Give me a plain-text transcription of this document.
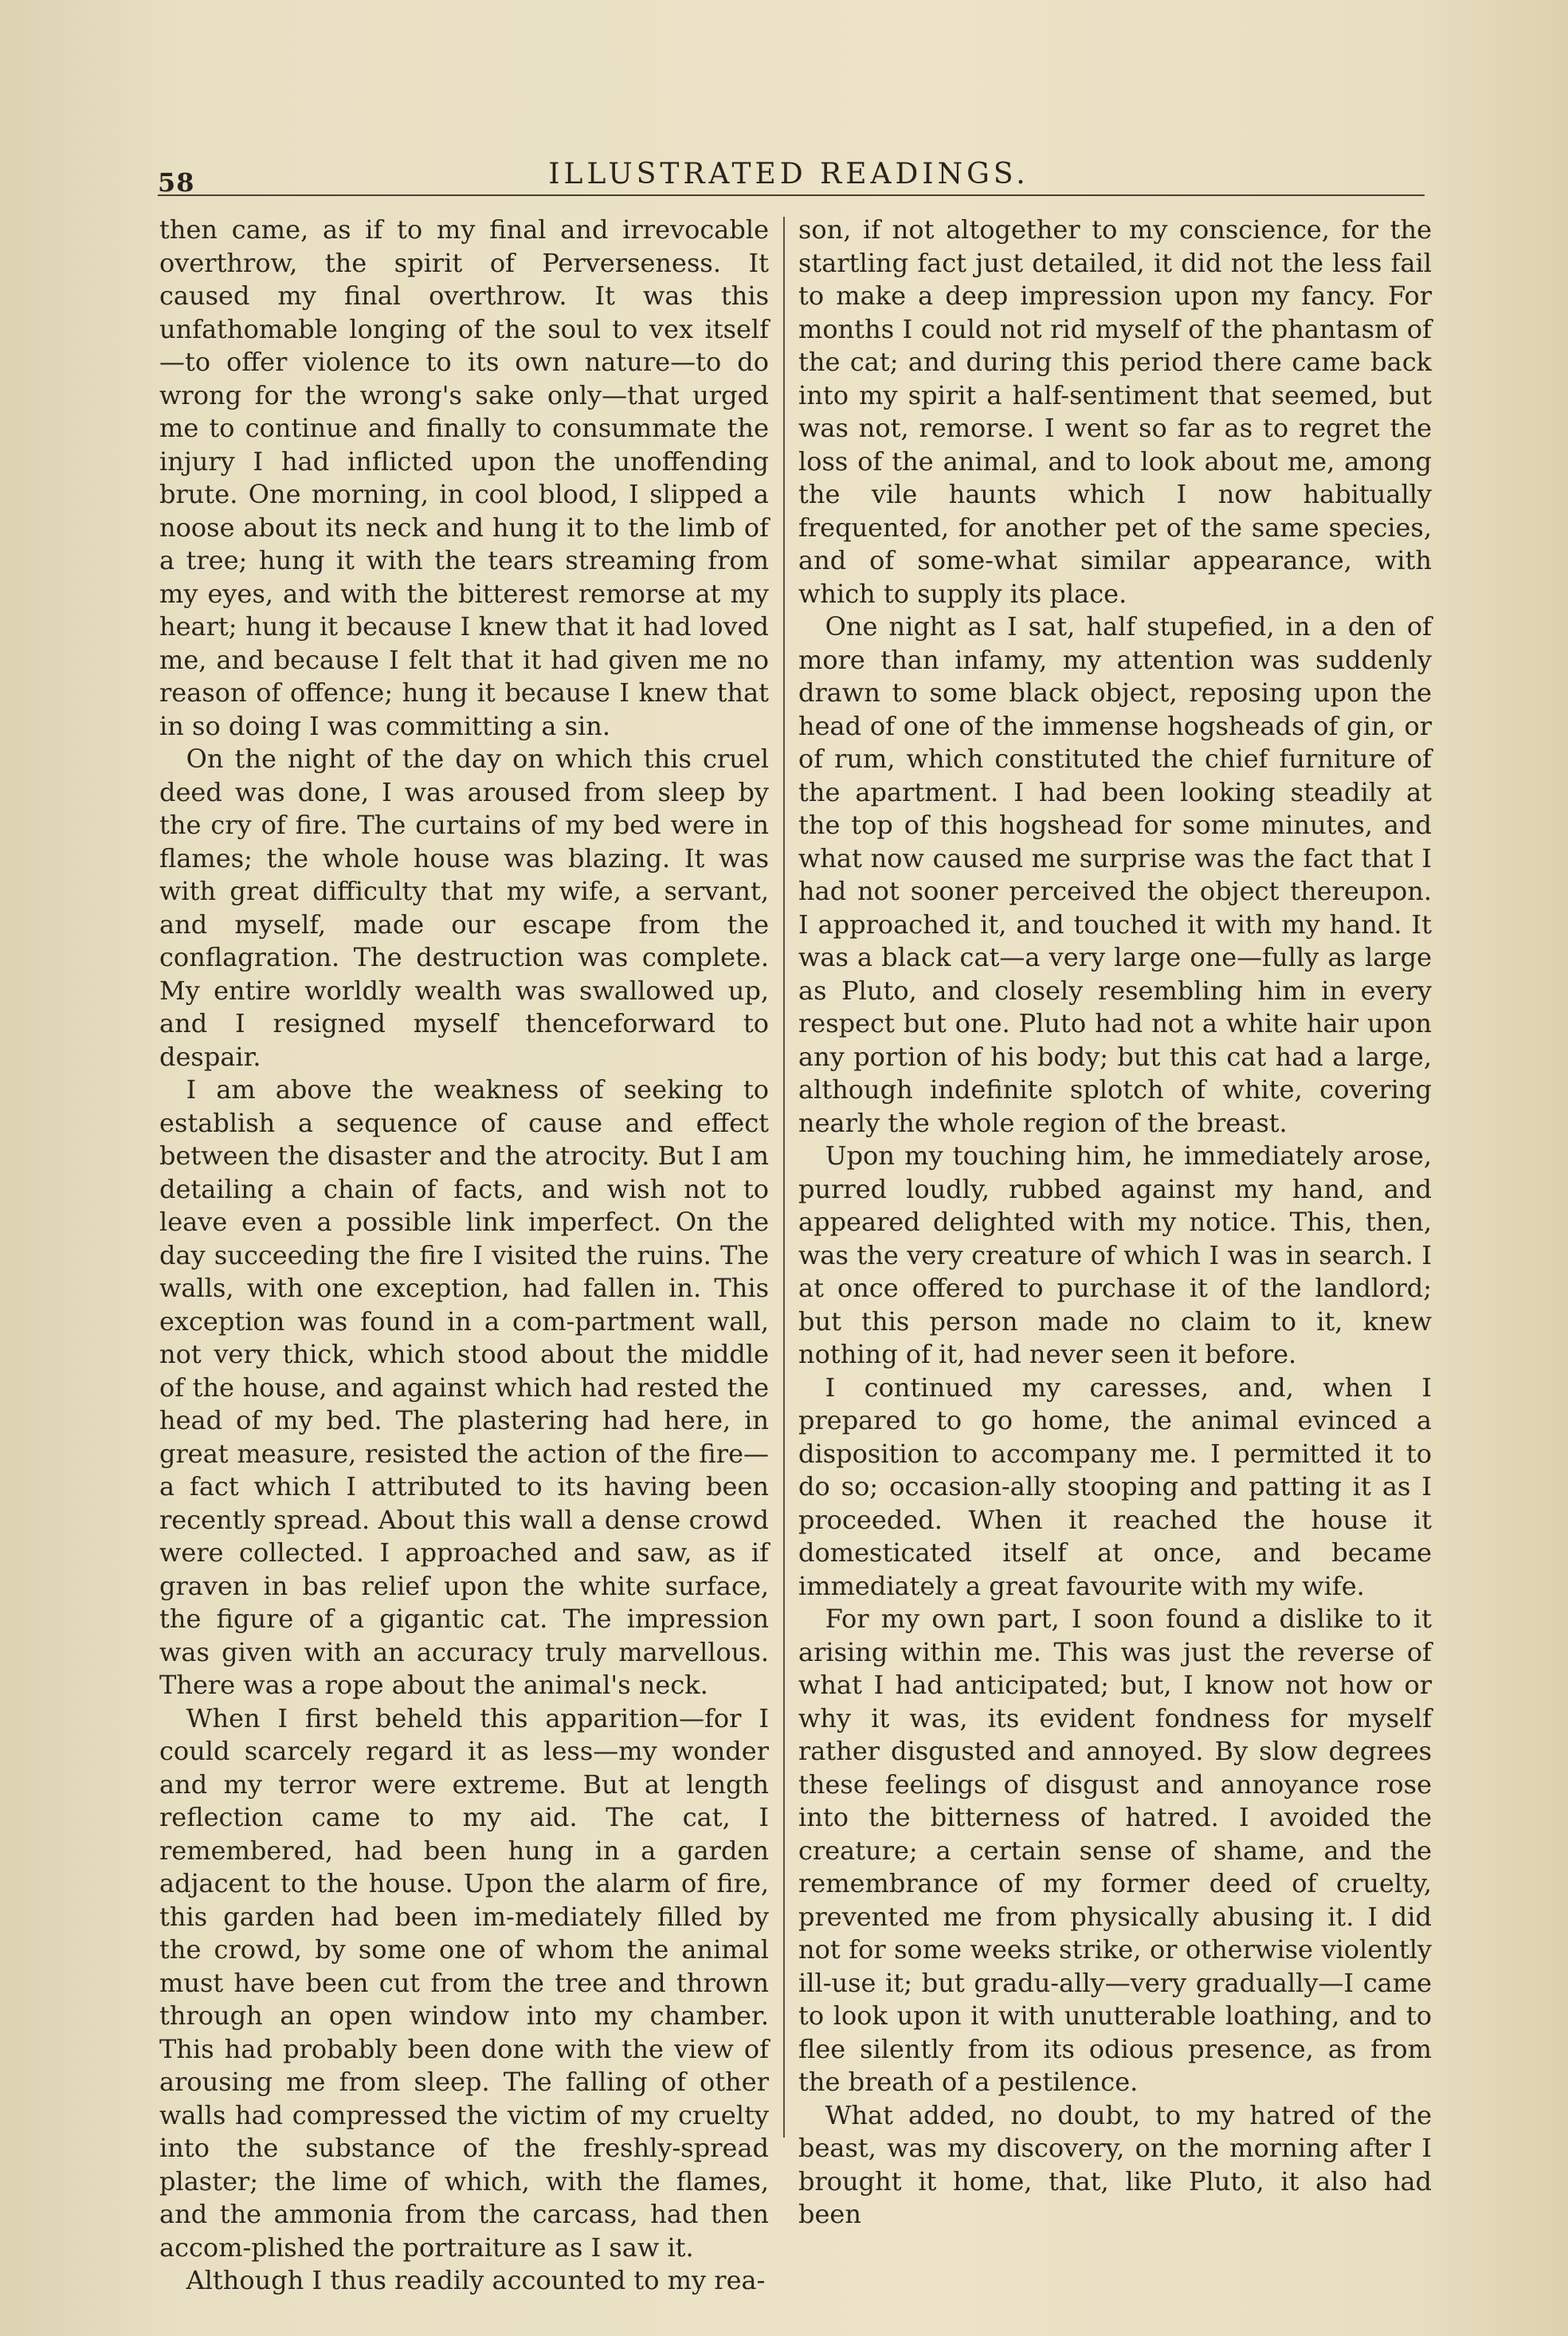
58	ILLUSTRATED READINGS.

then came, as if to my final and irrevocable overthrow, the spirit of Perverseness. It caused my final overthrow. It was this unfathomable longing of the soul to vex itself—to offer violence to its own nature—to do wrong for the wrong's sake only—that urged me to continue and finally to consummate the injury I had inflicted upon the unoffending brute. One morning, in cool blood, I slipped a noose about its neck and hung it to the limb of a tree; hung it with the tears streaming from my eyes, and with the bitterest remorse at my heart; hung it because I knew that it had loved me, and because I felt that it had given me no reason of offence; hung it because I knew that in so doing I was committing a sin.

On the night of the day on which this cruel deed was done, I was aroused from sleep by the cry of fire. The curtains of my bed were in flames; the whole house was blazing. It was with great difficulty that my wife, a servant, and myself, made our escape from the conflagration. The destruction was complete. My entire worldly wealth was swallowed up, and I resigned myself thenceforward to despair.

I am above the weakness of seeking to establish a sequence of cause and effect between the disaster and the atrocity. But I am detailing a chain of facts, and wish not to leave even a possible link imperfect. On the day succeeding the fire I visited the ruins. The walls, with one exception, had fallen in. This exception was found in a com-partment wall, not very thick, which stood about the middle of the house, and against which had rested the head of my bed. The plastering had here, in great measure, resisted the action of the fire—a fact which I attributed to its having been recently spread. About this wall a dense crowd were collected. I approached and saw, as if graven in bas relief upon the white surface, the figure of a gigantic cat. The impression was given with an accuracy truly marvellous. There was a rope about the animal's neck.

When I first beheld this apparition—for I could scarcely regard it as less—my wonder and my terror were extreme. But at length reflection came to my aid. The cat, I remembered, had been hung in a garden adjacent to the house. Upon the alarm of fire, this garden had been im-mediately filled by the crowd, by some one of whom the animal must have been cut from the tree and thrown through an open window into my chamber. This had probably been done with the view of arousing me from sleep. The falling of other walls had compressed the victim of my cruelty into the substance of the freshly-spread plaster; the lime of which, with the flames, and the ammonia from the carcass, had then accom-plished the portraiture as I saw it.

Although I thus readily accounted to my rea-

son, if not altogether to my conscience, for the startling fact just detailed, it did not the less fail to make a deep impression upon my fancy. For months I could not rid myself of the phantasm of the cat; and during this period there came back into my spirit a half-sentiment that seemed, but was not, remorse. I went so far as to regret the loss of the animal, and to look about me, among the vile haunts which I now habitually frequented, for another pet of the same species, and of some-what similar appearance, with which to supply its place.

One night as I sat, half stupefied, in a den of more than infamy, my attention was suddenly drawn to some black object, reposing upon the head of one of the immense hogsheads of gin, or of rum, which constituted the chief furniture of the apartment. I had been looking steadily at the top of this hogshead for some minutes, and what now caused me surprise was the fact that I had not sooner perceived the object thereupon. I approached it, and touched it with my hand. It was a black cat—a very large one—fully as large as Pluto, and closely resembling him in every respect but one. Pluto had not a white hair upon any portion of his body; but this cat had a large, although indefinite splotch of white, covering nearly the whole region of the breast.

Upon my touching him, he immediately arose, purred loudly, rubbed against my hand, and appeared delighted with my notice. This, then, was the very creature of which I was in search. I at once offered to purchase it of the landlord; but this person made no claim to it, knew nothing of it, had never seen it before.

I continued my caresses, and, when I prepared to go home, the animal evinced a disposition to accompany me. I permitted it to do so; occasion-ally stooping and patting it as I proceeded. When it reached the house it domesticated itself at once, and became immediately a great favourite with my wife.

For my own part, I soon found a dislike to it arising within me. This was just the reverse of what I had anticipated; but, I know not how or why it was, its evident fondness for myself rather disgusted and annoyed. By slow degrees these feelings of disgust and annoyance rose into the bitterness of hatred. I avoided the creature; a certain sense of shame, and the remembrance of my former deed of cruelty, prevented me from physically abusing it. I did not for some weeks strike, or otherwise violently ill-use it; but gradu-ally—very gradually—I came to look upon it with unutterable loathing, and to flee silently from its odious presence, as from the breath of a pestilence.

What added, no doubt, to my hatred of the beast, was my discovery, on the morning after I brought it home, that, like Pluto, it also had been
